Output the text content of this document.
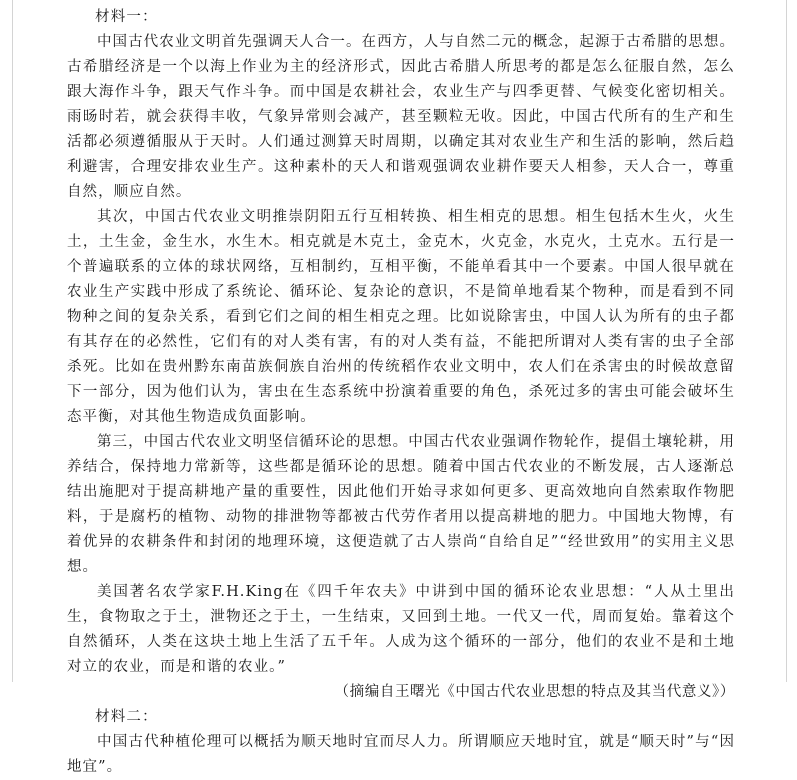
材料一：

中国古代农业文明首先强调天人合一。在西方，人与自然二元的概念，起源于古希腊的思想。古希腊经济是一个以海上作业为主的经济形式，因此古希腊人所思考的都是怎么征服自然，怎么跟大海作斗争，跟天气作斗争。而中国是农耕社会，农业生产与四季更替、气候变化密切相关。雨旸时若，就会获得丰收，气象异常则会减产，甚至颗粒无收。因此，中国古代所有的生产和生活都必须遵循服从于天时。人们通过测算天时周期，以确定其对农业生产和生活的影响，然后趋利避害，合理安排农业生产。这种素朴的天人和谐观强调农业耕作要天人相参，天人合一，尊重自然，顺应自然。

其次，中国古代农业文明推崇阴阳五行互相转换、相生相克的思想。相生包括木生火，火生土，土生金，金生水，水生木。相克就是木克土，金克木，火克金，水克火，土克水。五行是一个普遍联系的立体的球状网络，互相制约，互相平衡，不能单看其中一个要素。中国人很早就在农业生产实践中形成了系统论、循环论、复杂论的意识，不是简单地看某个物种，而是看到不同物种之间的复杂关系，看到它们之间的相生相克之理。比如说除害虫，中国人认为所有的虫子都有其存在的必然性，它们有的对人类有害，有的对人类有益，不能把所谓对人类有害的虫子全部杀死。比如在贵州黔东南苗族侗族自治州的传统稻作农业文明中，农人们在杀害虫的时候故意留下一部分，因为他们认为，害虫在生态系统中扮演着重要的角色，杀死过多的害虫可能会破坏生态平衡，对其他生物造成负面影响。

第三，中国古代农业文明坚信循环论的思想。中国古代农业强调作物轮作，提倡土壤轮耕，用养结合，保持地力常新等，这些都是循环论的思想。随着中国古代农业的不断发展，古人逐渐总结出施肥对于提高耕地产量的重要性，因此他们开始寻求如何更多、更高效地向自然索取作物肥料，于是腐朽的植物、动物的排泄物等都被古代劳作者用以提高耕地的肥力。中国地大物博，有着优异的农耕条件和封闭的地理环境，这便造就了古人崇尚“自给自足”“经世致用”的实用主义思想。

美国著名农学家F.H.King在《四千年农夫》中讲到中国的循环论农业思想：“人从土里出生，食物取之于土，泄物还之于土，一生结束，又回到土地。一代又一代，周而复始。靠着这个自然循环，人类在这块土地上生活了五千年。人成为这个循环的一部分，他们的农业不是和土地对立的农业，而是和谐的农业。”

（摘编自王曙光《中国古代农业思想的特点及其当代意义》）

材料二：

中国古代种植伦理可以概括为顺天地时宜而尽人力。所谓顺应天地时宜，就是“顺天时”与“因地宜”。
